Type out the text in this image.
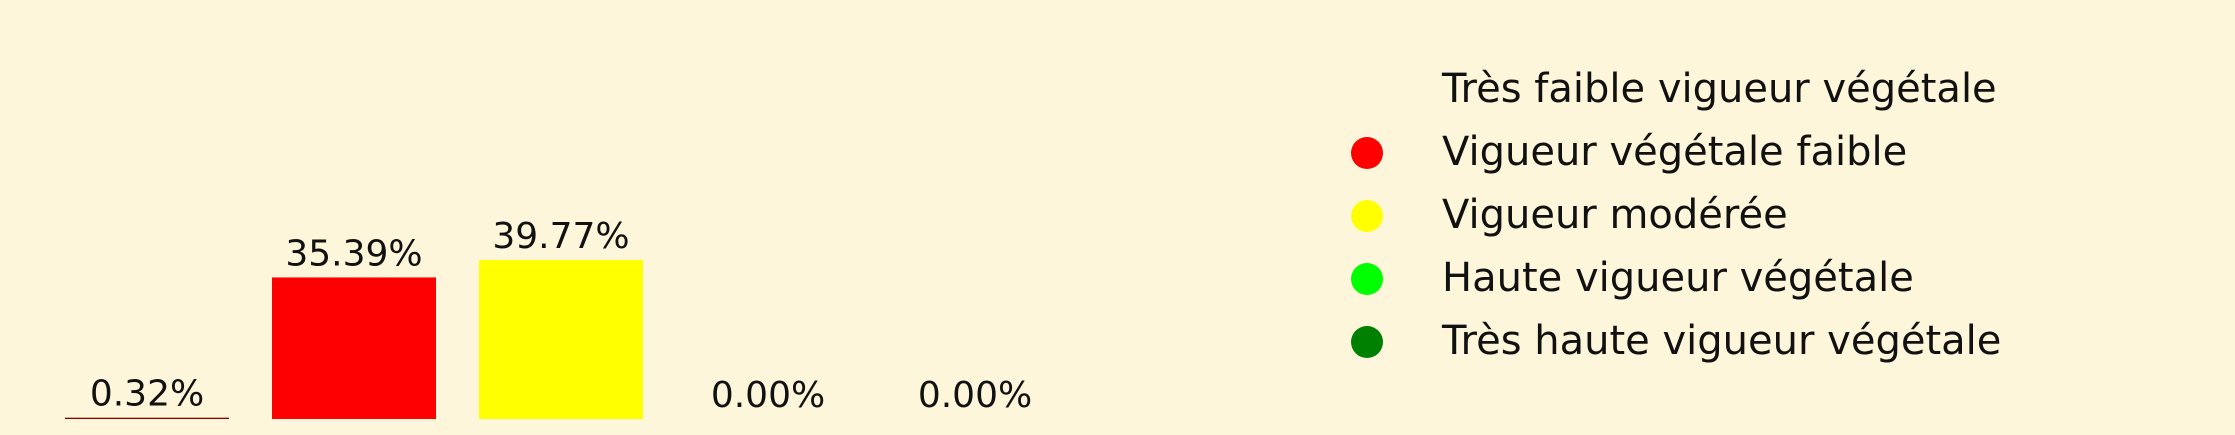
0.32%
35.39% 39.77%
0.00%	0.00%
Très faible vigueur végétale
Vigueur végétale faible
Vigueur modérée
Haute vigueur végétale
Très haute vigueur végétale
